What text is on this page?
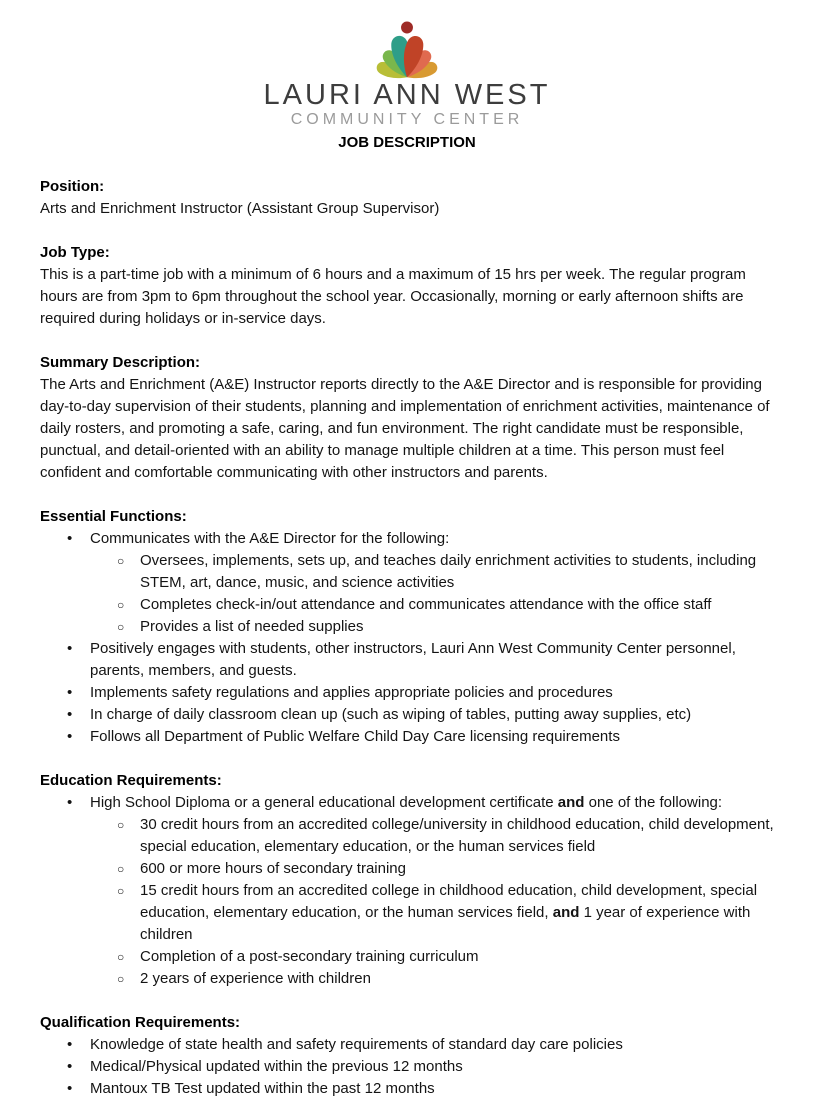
LAURI ANN WEST
COMMUNITY CENTER
JOB DESCRIPTION
Position:
Arts and Enrichment Instructor (Assistant Group Supervisor)
Job Type:
This is a part-time job with a minimum of 6 hours and a maximum of 15 hrs per week. The regular program hours are from 3pm to 6pm throughout the school year. Occasionally, morning or early afternoon shifts are required during holidays or in-service days.
Summary Description:
The Arts and Enrichment (A&E) Instructor reports directly to the A&E Director and is responsible for providing day-to-day supervision of their students, planning and implementation of enrichment activities, maintenance of daily rosters, and promoting a safe, caring, and fun environment. The right candidate must be responsible, punctual, and detail-oriented with an ability to manage multiple children at a time. This person must feel confident and comfortable communicating with other instructors and parents.
Essential Functions:
•	Communicates with the A&E Director for the following:
○	Oversees, implements, sets up, and teaches daily enrichment activities to students, including STEM, art, dance, music, and science activities
○	Completes check-in/out attendance and communicates attendance with the office staff
○	Provides a list of needed supplies
•	Positively engages with students, other instructors, Lauri Ann West Community Center personnel, parents, members, and guests.
•	Implements safety regulations and applies appropriate policies and procedures
•	In charge of daily classroom clean up (such as wiping of tables, putting away supplies, etc)
•	Follows all Department of Public Welfare Child Day Care licensing requirements
Education Requirements:
•	High School Diploma or a general educational development certificate and one of the following:
○	30 credit hours from an accredited college/university in childhood education, child development, special education, elementary education, or the human services field
○	600 or more hours of secondary training
○	15 credit hours from an accredited college in childhood education, child development, special education, elementary education, or the human services field, and 1 year of experience with children
○	Completion of a post-secondary training curriculum
○	2 years of experience with children
Qualification Requirements:
•	Knowledge of state health and safety requirements of standard day care policies
•	Medical/Physical updated within the previous 12 months
•	Mantoux TB Test updated within the past 12 months
